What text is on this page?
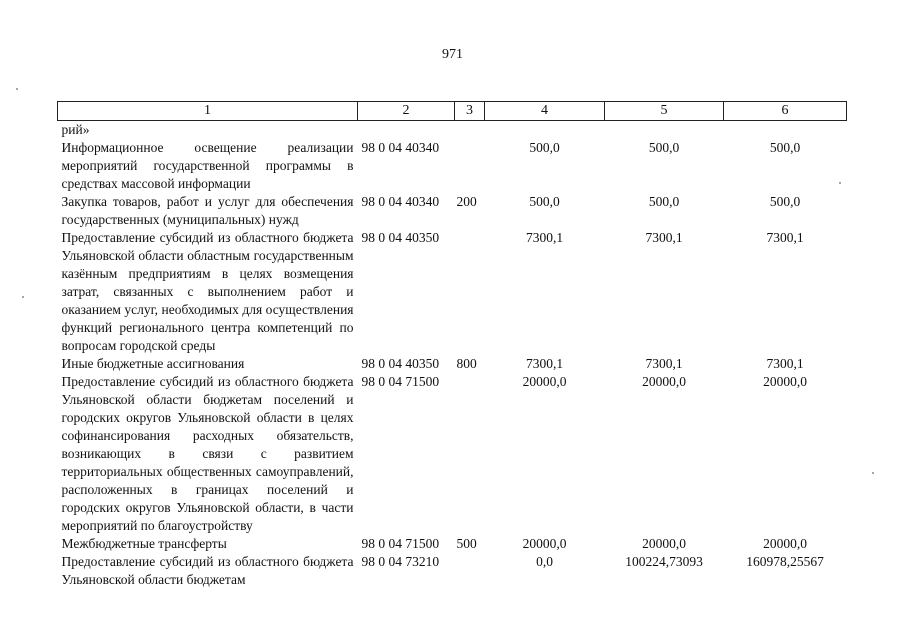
971
1	2	3	4	5	6
рий»					
Информационное освещение реализации мероприятий государственной программы в средствах массовой информации	98 0 04 40340		500,0	500,0	500,0
Закупка товаров, работ и услуг для обеспечения государственных (муниципальных) нужд	98 0 04 40340	200	500,0	500,0	500,0
Предоставление субсидий из областного бюджета Ульяновской области областным государственным казённым предприятиям в целях возмещения затрат, связанных с выполнением работ и оказанием услуг, необходимых для осуществления функций регионального центра компетенций по вопросам городской среды	98 0 04 40350		7300,1	7300,1	7300,1
Иные бюджетные ассигнования	98 0 04 40350	800	7300,1	7300,1	7300,1
Предоставление субсидий из областного бюджета Ульяновской области бюджетам поселений и городских округов Ульяновской области в целях софинансирования расходных обязательств, возникающих в связи с развитием территориальных общественных самоуправлений, расположенных в границах поселений и городских округов Ульяновской области, в части мероприятий по благоустройству	98 0 04 71500		20000,0	20000,0	20000,0
Межбюджетные трансферты	98 0 04 71500	500	20000,0	20000,0	20000,0
Предоставление субсидий из областного бюджета Ульяновской области бюджетам	98 0 04 73210		0,0	100224,73093	160978,25567
